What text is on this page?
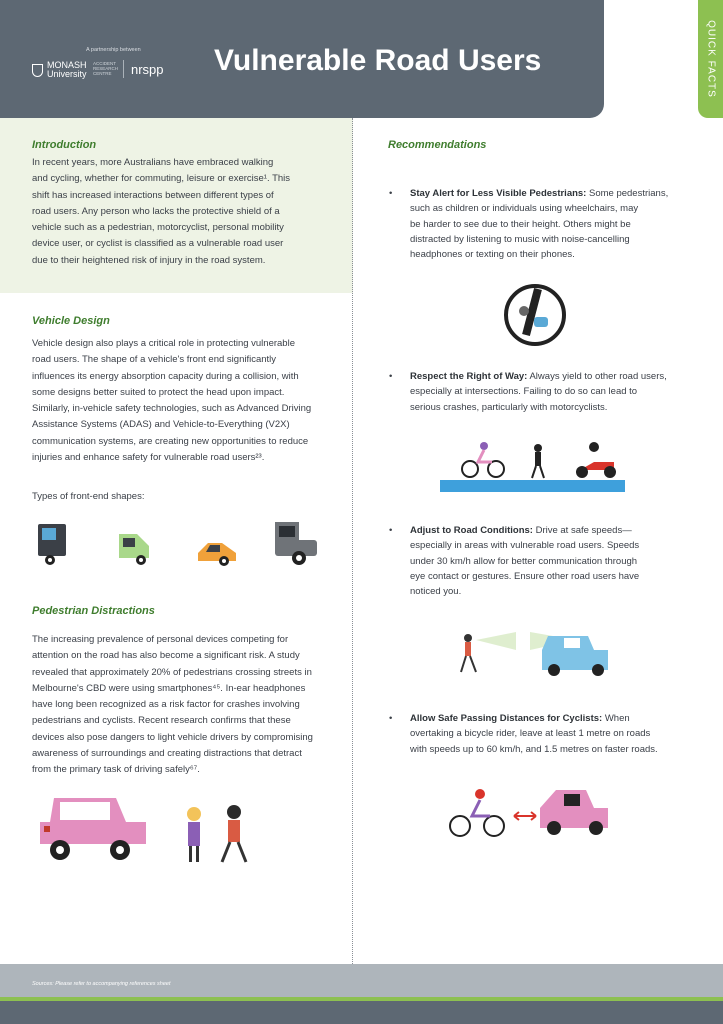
A partnership between
MONASH University
ACCIDENT RESEARCH CENTRE	nrspp Vulnerable Road Users	QUICK FACTS
Introduction
In recent years, more Australians have embraced walking
and cycling, whether for commuting, leisure or exercise¹. This
shift has increased interactions between different types of
road users. Any person who lacks the protective shield of a
vehicle such as a pedestrian, motorcyclist, personal mobility
device user, or cyclist is classified as a vulnerable road user
due to their heightened risk of injury in the road system.
Vehicle Design
Vehicle design also plays a critical role in protecting vulnerable
road users. The shape of a vehicle's front end significantly
influences its energy absorption capacity during a collision, with
some designs better suited to protect the head upon impact.
Similarly, in-vehicle safety technologies, such as Advanced Driving
Assistance Systems (ADAS) and Vehicle-to-Everything (V2X)
communication systems, are creating new opportunities to reduce
injuries and enhance safety for vulnerable road users²³.
Types of front-end shapes:
Pedestrian Distractions
The increasing prevalence of personal devices competing for
attention on the road has also become a significant risk. A study
revealed that approximately 20% of pedestrians crossing streets in
Melbourne's CBD were using smartphones⁴⁵. In-ear headphones
have long been recognized as a risk factor for crashes involving
pedestrians and cyclists. Recent research confirms that these
devices also pose dangers to light vehicle drivers by compromising
awareness of surroundings and creating distractions that detract
from the primary task of driving safely⁶⁷.
Recommendations
• Stay Alert for Less Visible Pedestrians: Some pedestrians,
such as children or individuals using wheelchairs, may
be harder to see due to their height. Others might be
distracted by listening to music with noise-cancelling
headphones or texting on their phones.
• Respect the Right of Way: Always yield to other road users,
especially at intersections. Failing to do so can lead to
serious crashes, particularly with motorcyclists.
• Adjust to Road Conditions: Drive at safe speeds—
especially in areas with vulnerable road users. Speeds
under 30 km/h allow for better communication through
eye contact or gestures. Ensure other road users have
noticed you.
• Allow Safe Passing Distances for Cyclists: When
overtaking a bicycle rider, leave at least 1 metre on roads
with speeds up to 60 km/h, and 1.5 metres on faster roads.
Sources: Please refer to accompanying references sheet
